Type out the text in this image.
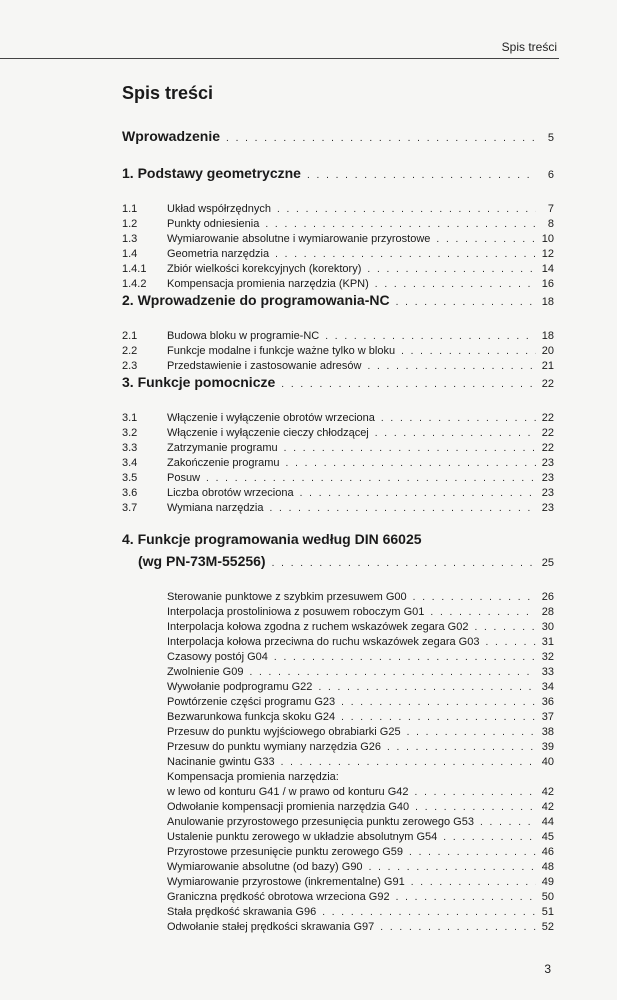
Spis treści
Spis treści
Wprowadzenie . . .	5
1. Podstawy geometryczne . . .	6
1.1	Układ współrzędnych . . .	7
1.2	Punkty odniesienia . . .	8
1.3	Wymiarowanie absolutne i wymiarowanie przyrostowe . . .	10
1.4	Geometria narzędzia . . .	12
1.4.1	Zbiór wielkości korekcyjnych (korektory) . . .	14
1.4.2	Kompensacja promienia narzędzia (KPN) . . .	16
2. Wprowadzenie do programowania-NC . . .	18
2.1	Budowa bloku w programie-NC . . .	18
2.2	Funkcje modalne i funkcje ważne tylko w bloku . . .	20
2.3	Przedstawienie i zastosowanie adresów . . .	21
3. Funkcje pomocnicze . . .	22
3.1	Włączenie i wyłączenie obrotów wrzeciona . . .	22
3.2	Włączenie i wyłączenie cieczy chłodzącej . . .	22
3.3	Zatrzymanie programu . . .	22
3.4	Zakończenie programu . . .	23
3.5	Posuw . . .	23
3.6	Liczba obrotów wrzeciona . . .	23
3.7	Wymiana narzędzia . . .	23
4. Funkcje programowania według DIN 66025
(wg PN-73M-55256) . . .	25
Sterowanie punktowe z szybkim przesuwem G00 . . .	26
Interpolacja prostoliniowa z posuwem roboczym G01 . . .	28
Interpolacja kołowa zgodna z ruchem wskazówek zegara G02 . . .	30
Interpolacja kołowa przeciwna do ruchu wskazówek zegara G03 . . .	31
Czasowy postój G04 . . .	32
Zwolnienie G09 . . .	33
Wywołanie podprogramu G22 . . .	34
Powtórzenie części programu G23 . . .	36
Bezwarunkowa funkcja skoku G24 . . .	37
Przesuw do punktu wyjściowego obrabiarki G25 . . .	38
Przesuw do punktu wymiany narzędzia G26 . . .	39
Nacinanie gwintu G33 . . .	40
Kompensacja promienia narzędzia:
w lewo od konturu G41 / w prawo od konturu G42 . . .	42
Odwołanie kompensacji promienia narzędzia G40 . . .	42
Anulowanie przyrostowego przesunięcia punktu zerowego G53 . . .	44
Ustalenie punktu zerowego w układzie absolutnym G54 . . .	45
Przyrostowe przesunięcie punktu zerowego G59 . . .	46
Wymiarowanie absolutne (od bazy) G90 . . .	48
Wymiarowanie przyrostowe (inkrementalne) G91 . . .	49
Graniczna prędkość obrotowa wrzeciona G92 . . .	50
Stała prędkość skrawania G96 . . .	51
Odwołanie stałej prędkości skrawania G97 . . .	52
3
